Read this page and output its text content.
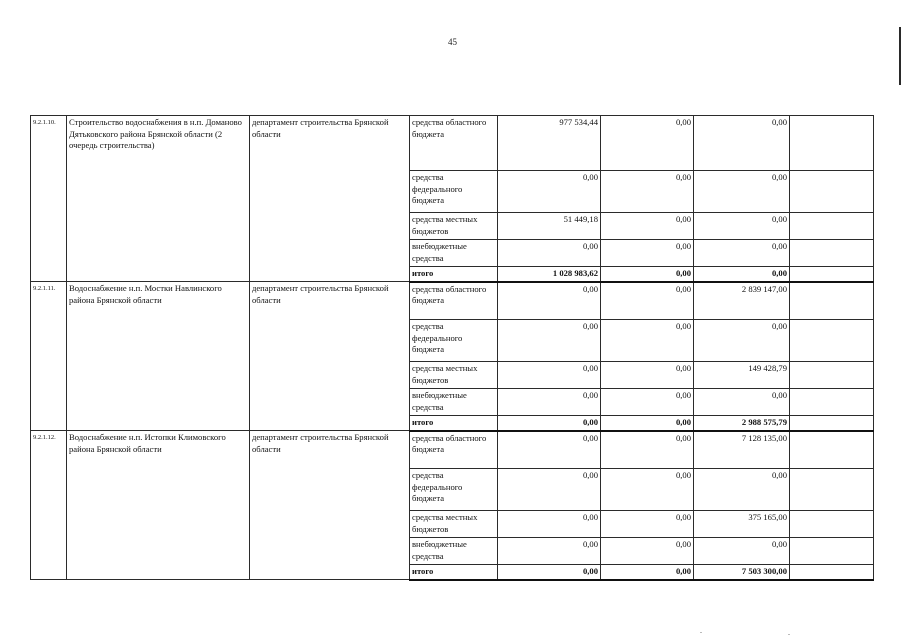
45
9.2.1.10.	Строительство водоснабжения в н.п. Доманово Дятьковского района Брянской области (2 очередь строительства)	департамент строительства Брянской области	средства областного бюджета	977 534,44	0,00	0,00	
			средства федерального бюджета	0,00	0,00	0,00	
			средства местных бюджетов	51 449,18	0,00	0,00	
			внебюджетные средства	0,00	0,00	0,00	
			итого	1 028 983,62	0,00	0,00	
9.2.1.11.	Водоснабжение н.п. Мостки Навлинского района Брянской области	департамент строительства Брянской области	средства областного бюджета	0,00	0,00	2 839 147,00	
			средства федерального бюджета	0,00	0,00	0,00	
			средства местных бюджетов	0,00	0,00	149 428,79	
			внебюджетные средства	0,00	0,00	0,00	
			итого	0,00	0,00	2 988 575,79	
9.2.1.12.	Водоснабжение н.п. Истопки Климовского района Брянской области	департамент строительства Брянской области	средства областного бюджета	0,00	0,00	7 128 135,00	
			средства федерального бюджета	0,00	0,00	0,00	
			средства местных бюджетов	0,00	0,00	375 165,00	
			внебюджетные средства	0,00	0,00	0,00	
			итого	0,00	0,00	7 503 300,00	
